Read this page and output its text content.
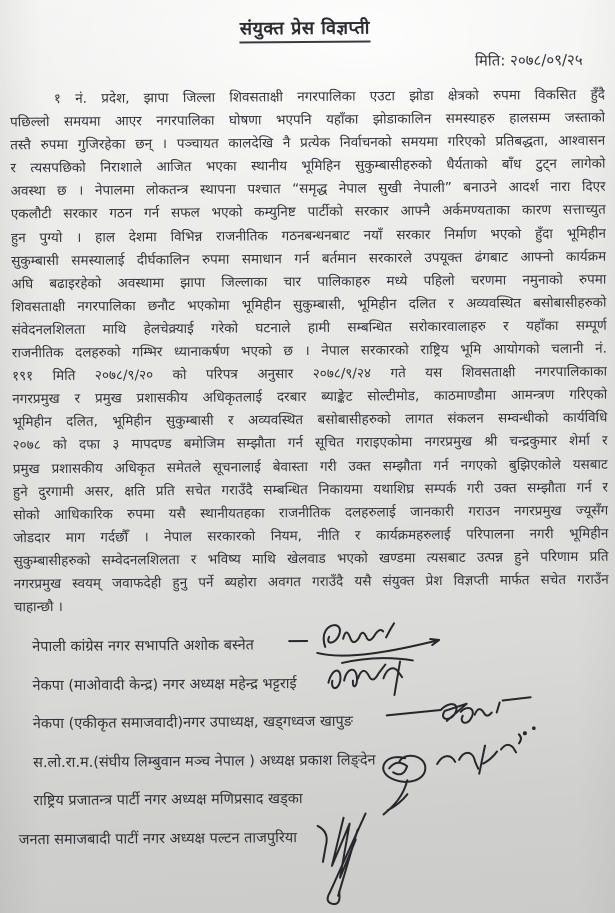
संयुक्त प्रेस विज्ञप्ती
मिति: २०७८/०९/२५
१ नं. प्रदेश, झापा जिल्ला शिवसताक्षी नगरपालिका एउटा झोडा क्षेत्रको रुपमा विकसित हुँदै
पछिल्लो समयमा आएर नगरपालिका घोषणा भएपनि यहाँका झोडाकालिन समस्याहरु हालसम्म जस्ताको
तस्तै रुपमा गुजिरहेका छन् । पञ्चायत कालदेखि नै प्रत्येक निर्वाचनको समयमा गरिएको प्रतिबद्धता, आश्वासन
र त्यसपछिको निराशाले आजित भएका स्थानीय भूमिहिन सुकुम्बासीहरुको धैर्यताको बाँध टुट्न लागेको
अवस्था छ । नेपालमा लोकतन्त्र स्थापना पश्चात “समृद्ध नेपाल सुखी नेपाली” बनाउने आदर्श नारा दिएर
एकलौटी सरकार गठन गर्न सफल भएको कम्युनिष्ट पार्टीको सरकार आफ्नै अर्कमण्यताका कारण सत्ताच्युत
हुन पुग्यो । हाल देशमा विभिन्न राजनीतिक गठनबन्धनबाट नयाँ सरकार निर्माण भएको हुँदा भूमिहीन
सुकुम्बासी समस्यालाई दीर्घकालिन रुपमा समाधान गर्न बर्तमान सरकारले उपयूक्त ढंगबाट आफ्नो कार्यक्रम
अघि बढाइरहेको अवस्थामा झापा जिल्लाका चार पालिकाहरु मध्ये पहिलो चरणमा नमुनाको रुपमा
शिवसताक्षी नगरपालिका छनौट भएकोमा भूमिहीन सुकुम्बासी, भूमिहीन दलित र अव्यवस्थित बसोबासीहरुको
संवेदनलशिलता माथि हेलचेक्र्याई गरेको घटनाले हामी सम्बन्धित सरोकारवालाहरु र यहाँका सम्पूर्ण
राजनीतिक दलहरुको गम्भिर ध्यानाकर्षण भएको छ । नेपाल सरकारको राष्ट्रिय भूमि आयोगको चलानी नं.
१९१ मिति २०७८/९/२० को परिपत्र अनुसार २०७८/९/२४ गते यस शिवसताक्षी नगरपालिकाका
नगरप्रमुख र प्रमुख प्रशासकीय अधिकृतलाई दरबार ब्याङ्केट सोल्टीमोड, काठमाण्डौमा आमन्त्रण गरिएको
भूमिहीन दलित, भूमिहीन सुकुम्बासी र अव्यवस्थित बसोबासीहरुको लागत संकलन सम्वन्धीको कार्यविधि
२०७८ को दफा ३ मापदण्ड बमोजिम सम्झौता गर्न सूचित गराइएकोमा नगरप्रमुख श्री चन्द्रकुमार शेर्मा र
प्रमुख प्रशासकीय अधिकृत समेतले सूचनालाई बेवास्ता गरी उक्त सम्झौता गर्न नगएको बुझिएकोले यसबाट
हुने दुरगामी असर, क्षति प्रति सचेत गराउँदै सम्बन्धित निकायमा यथाशिघ्र सम्पर्क गरी उक्त सम्झौता गर्न र
सोको आधिकारिक रुपमा यसै स्थानीयतहका राजनीतिक दलहरुलाई जानकारी गराउन नगरप्रमुख ज्यूसँग
जोडदार माग गर्दछौँ । नेपाल सरकारको नियम, नीति र कार्यक्रमहरुलाई परिपालना नगरी भूमिहीन
सुकुम्बासीहरुको सम्वेदनलशिलता र भविष्य माथि खेलवाड भएको खण्डमा त्यसबाट उत्पन्न हुने परिणाम प्रति
नगरप्रमुख स्वयम् जवाफदेही हुनु पर्ने ब्यहोरा अवगत गराउँदै यसै संयुक्त प्रेश विज्ञप्ती मार्फत सचेत गराउँन
चाहान्छौ ।
नेपाली कांग्रेस नगर सभापति अशोक बस्नेत
नेकपा (माओवादी केन्द्र) नगर अध्यक्ष महेन्द्र भट्टराई
नेकपा (एकीकृत समाजवादी)नगर उपाध्यक्ष, खड्गध्वज खापुङ
स.लो.रा.म.(संघीय लिम्बुवान मञ्च नेपाल ) अध्यक्ष प्रकाश लिङ्देन
राष्ट्रिय प्रजातन्त्र पार्टी नगर अध्यक्ष मणिप्रसाद खड्का
जनता समाजबादी पाटीं नगर अध्यक्ष पल्टन ताजपुरिया
